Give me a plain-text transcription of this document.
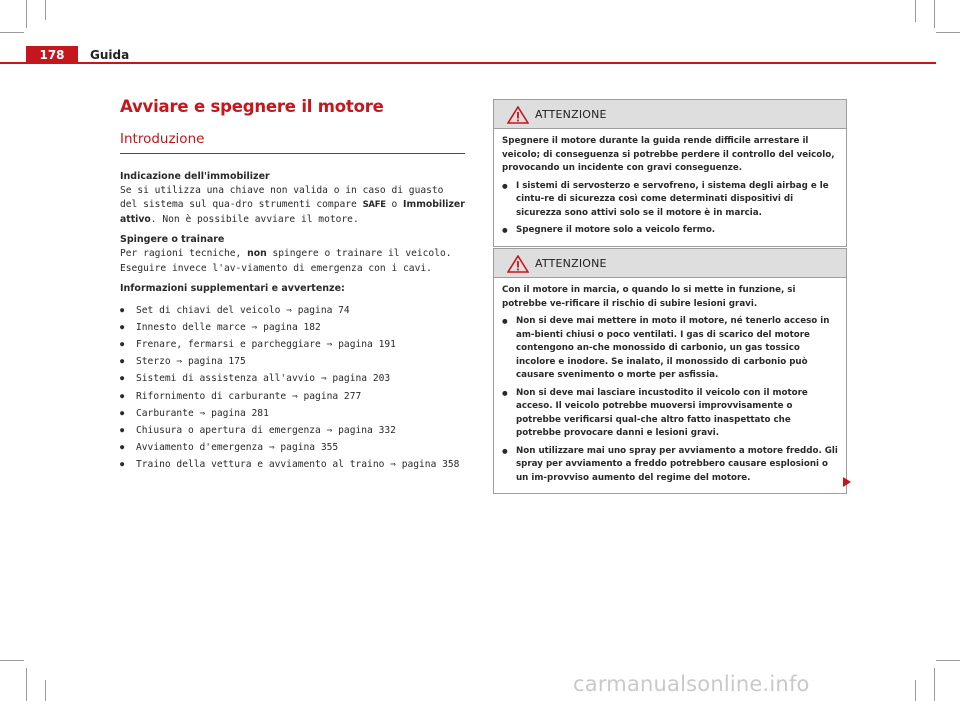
178	Guida
Avviare e spegnere il motore
Introduzione
Indicazione dell'immobilizer
Se si utilizza una chiave non valida o in caso di guasto del sistema sul qua-dro strumenti compare SAFE o Immobilizer attivo. Non è possibile avviare il motore.
Spingere o trainare
Per ragioni tecniche, non spingere o trainare il veicolo. Eseguire invece l'av-viamento di emergenza con i cavi.
Informazioni supplementari e avvertenze:
● Set di chiavi del veicolo ⇒ pagina 74
● Innesto delle marce ⇒ pagina 182
● Frenare, fermarsi e parcheggiare ⇒ pagina 191
● Sterzo ⇒ pagina 175
● Sistemi di assistenza all'avvio ⇒ pagina 203
● Rifornimento di carburante ⇒ pagina 277
● Carburante ⇒ pagina 281
● Chiusura o apertura di emergenza ⇒ pagina 332
● Avviamento d'emergenza ⇒ pagina 355
● Traino della vettura e avviamento al traino ⇒ pagina 358
ATTENZIONE

Spegnere il motore durante la guida rende difficile arrestare il veicolo; di conseguenza si potrebbe perdere il controllo del veicolo, provocando un incidente con gravi conseguenze.

● I sistemi di servosterzo e servofreno, i sistema degli airbag e le cintu-re di sicurezza così come determinati dispositivi di sicurezza sono attivi solo se il motore è in marcia.

● Spegnere il motore solo a veicolo fermo.

ATTENZIONE

Con il motore in marcia, o quando lo si mette in funzione, si potrebbe ve-rificare il rischio di subire lesioni gravi.

● Non si deve mai mettere in moto il motore, né tenerlo acceso in am-bienti chiusi o poco ventilati. I gas di scarico del motore contengono an-che monossido di carbonio, un gas tossico incolore e inodore. Se inalato, il monossido di carbonio può causare svenimento o morte per asfissia.

● Non si deve mai lasciare incustodito il veicolo con il motore acceso. Il veicolo potrebbe muoversi improvvisamente o potrebbe verificarsi qual-che altro fatto inaspettato che potrebbe provocare danni e lesioni gravi.

● Non utilizzare mai uno spray per avviamento a motore freddo. Gli spray per avviamento a freddo potrebbero causare esplosioni o un im-provviso aumento del regime del motore.

carmanualsonline.info
